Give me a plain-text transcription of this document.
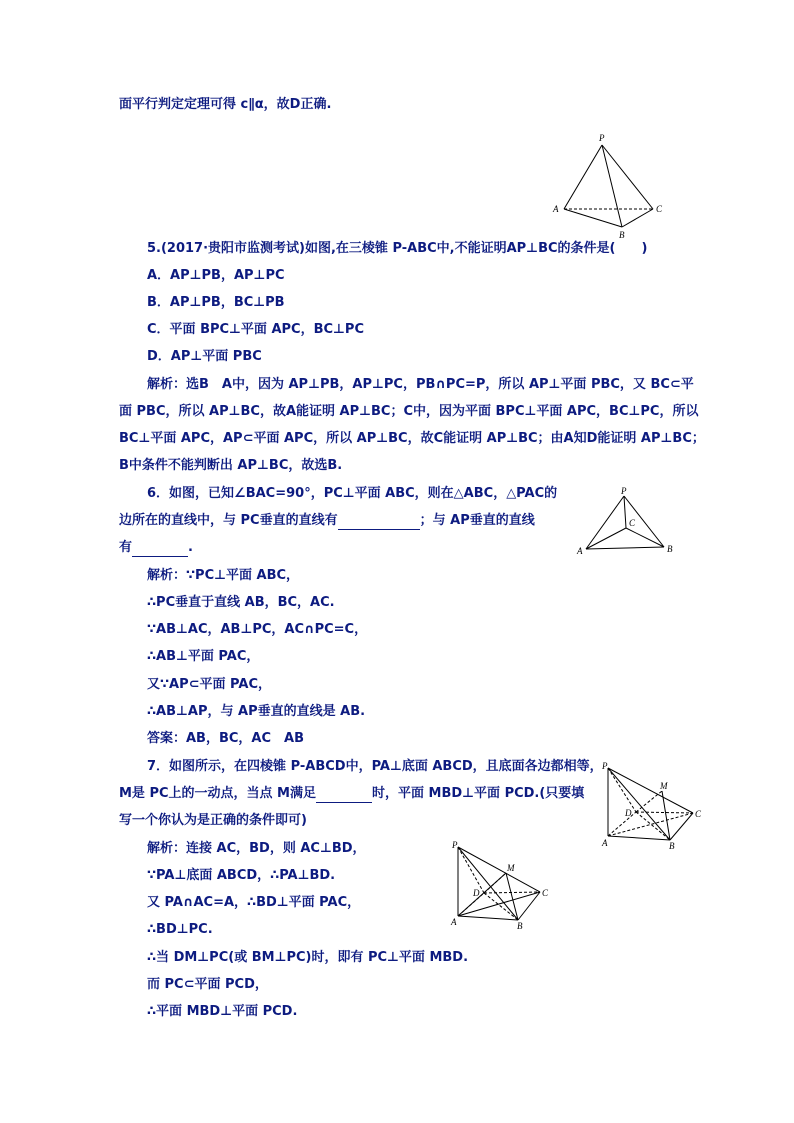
面平行判定定理可得 c∥α，故D正确.
5.(2017·贵阳市监测考试)如图,在三棱锥 P-ABC中,不能证明AP⊥BC的条件是(　　)
A．AP⊥PB，AP⊥PC
B．AP⊥PB，BC⊥PB
C．平面 BPC⊥平面 APC，BC⊥PC
D．AP⊥平面 PBC
解析：选B　A中，因为 AP⊥PB，AP⊥PC，PB∩PC=P，所以 AP⊥平面 PBC，又 BC⊂平
面 PBC，所以 AP⊥BC，故A能证明 AP⊥BC；C中，因为平面 BPC⊥平面 APC，BC⊥PC，所以
BC⊥平面 APC，AP⊂平面 APC，所以 AP⊥BC，故C能证明 AP⊥BC；由A知D能证明 AP⊥BC；
B中条件不能判断出 AP⊥BC，故选B.
6．如图，已知∠BAC=90°，PC⊥平面 ABC，则在△ABC，△PAC的
边所在的直线中，与 PC垂直的直线有	；与 AP垂直的直线
有	.
解析：∵PC⊥平面 ABC，
∴PC垂直于直线 AB，BC，AC.
∵AB⊥AC，AB⊥PC，AC∩PC=C，
∴AB⊥平面 PAC，
又∵AP⊂平面 PAC，
∴AB⊥AP，与 AP垂直的直线是 AB.
答案：AB，BC，AC　AB
7．如图所示，在四棱锥 P-ABCD中，PA⊥底面 ABCD，且底面各边都相等，
M是 PC上的一动点，当点 M满足	时，平面 MBD⊥平面 PCD.(只要填
写一个你认为是正确的条件即可)
解析：连接 AC，BD，则 AC⊥BD，
∵PA⊥底面 ABCD，∴PA⊥BD.
又 PA∩AC=A，∴BD⊥平面 PAC，
∴BD⊥PC.
∴当 DM⊥PC(或 BM⊥PC)时，即有 PC⊥平面 MBD.
而 PC⊂平面 PCD，
∴平面 MBD⊥平面 PCD.
P
A
B
C
P
C
A	B
P
M
D	C
A	B
P
M
D	C
A	B
